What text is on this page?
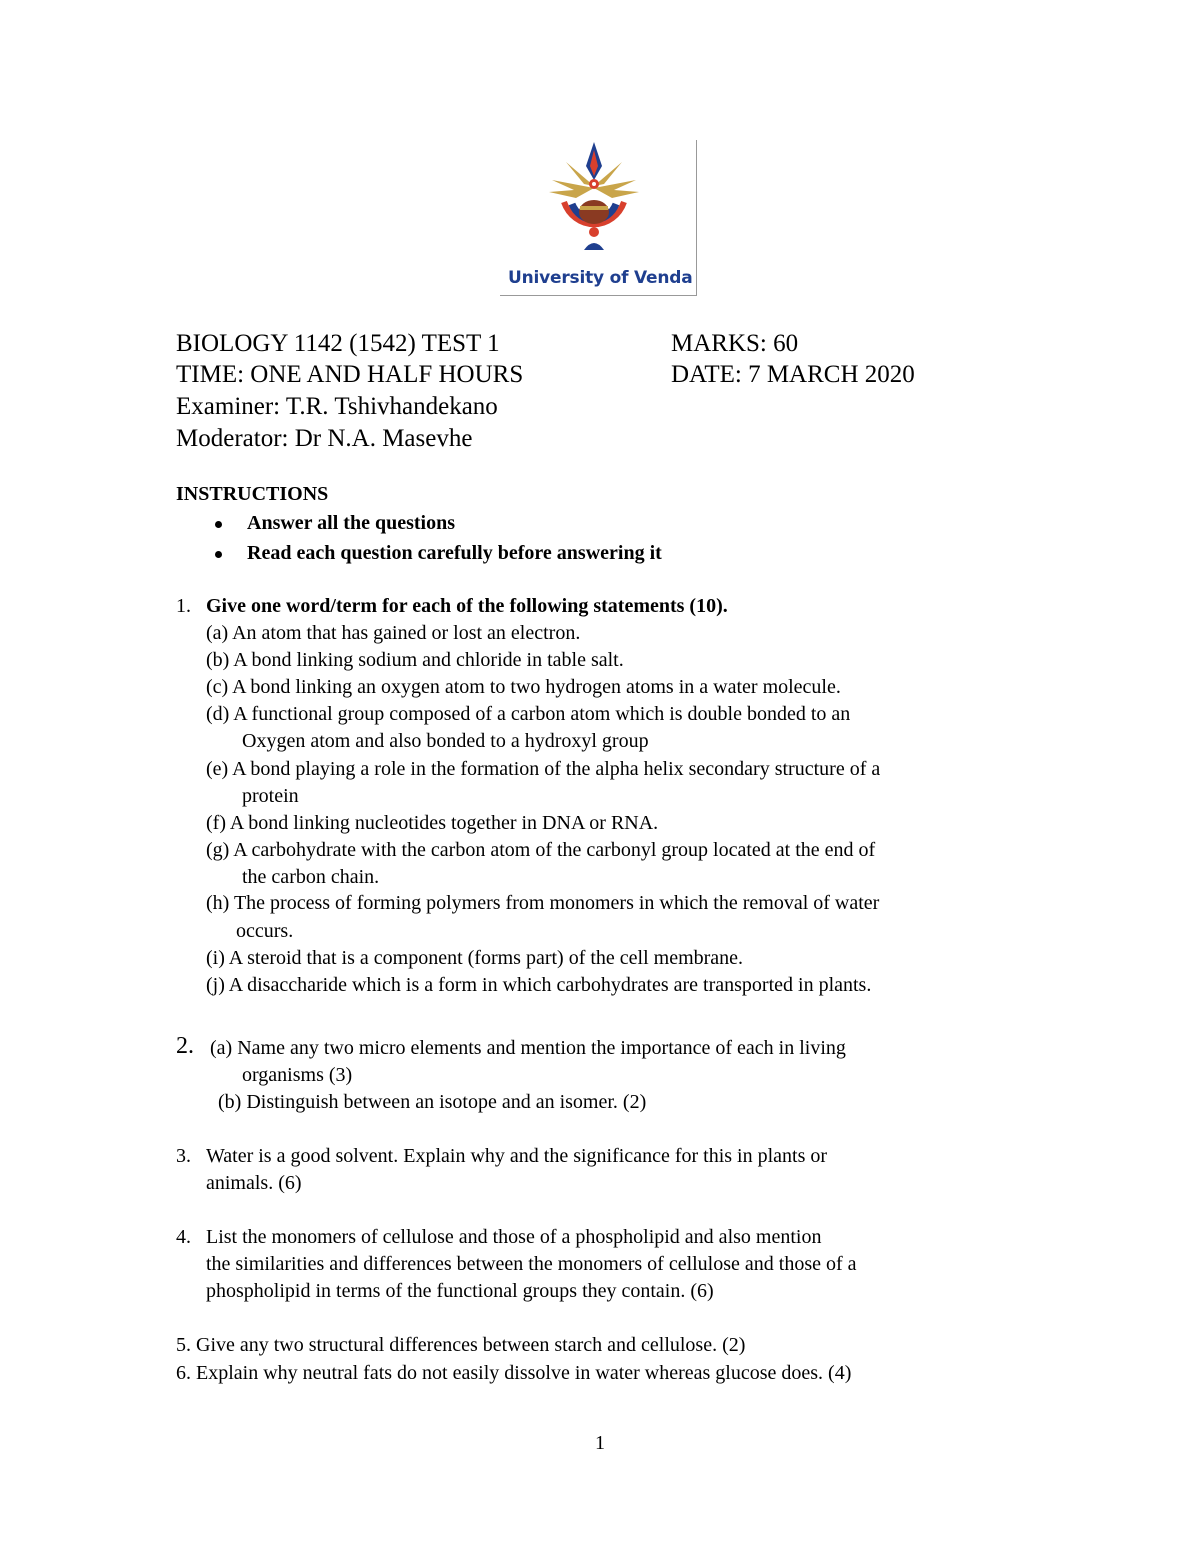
University of Venda
BIOLOGY 1142 (1542) TEST 1	MARKS: 60
TIME: ONE AND HALF HOURS	DATE: 7 MARCH 2020
Examiner: T.R. Tshivhandekano
Moderator: Dr N.A. Masevhe
INSTRUCTIONS
Answer all the questions
Read each question carefully before answering it
1. Give one word/term for each of the following statements (10).
(a) An atom that has gained or lost an electron.
(b) A bond linking sodium and chloride in table salt.
(c) A bond linking an oxygen atom to two hydrogen atoms in a water molecule.
(d) A functional group composed of a carbon atom which is double bonded to an
Oxygen atom and also bonded to a hydroxyl group
(e) A bond playing a role in the formation of the alpha helix secondary structure of a
protein
(f) A bond linking nucleotides together in DNA or RNA.
(g) A carbohydrate with the carbon atom of the carbonyl group located at the end of
the carbon chain.
(h) The process of forming polymers from monomers in which the removal of water
occurs.
(i) A steroid that is a component (forms part) of the cell membrane.
(j) A disaccharide which is a form in which carbohydrates are transported in plants.
2. (a) Name any two micro elements and mention the importance of each in living
organisms (3)
(b) Distinguish between an isotope and an isomer. (2)
3. Water is a good solvent. Explain why and the significance for this in plants or
animals. (6)
4. List the monomers of cellulose and those of a phospholipid and also mention
the similarities and differences between the monomers of cellulose and those of a
phospholipid in terms of the functional groups they contain. (6)
5. Give any two structural differences between starch and cellulose. (2)
6. Explain why neutral fats do not easily dissolve in water whereas glucose does. (4)
1
